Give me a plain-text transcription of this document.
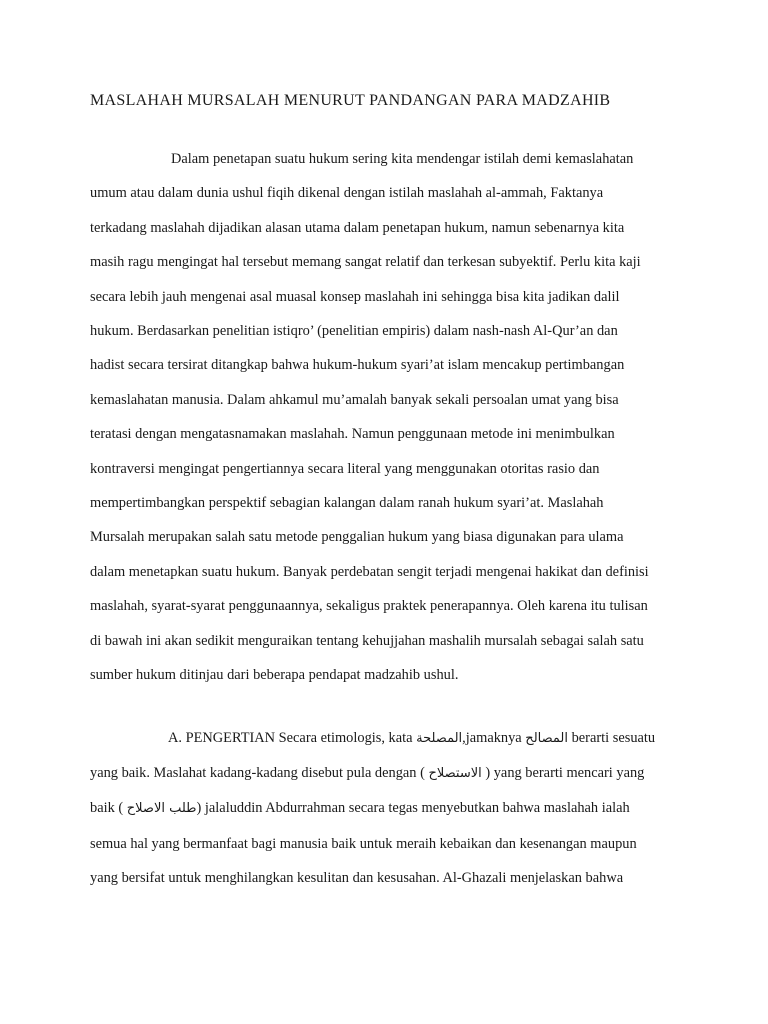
MASLAHAH MURSALAH MENURUT PANDANGAN PARA MADZAHIB
Dalam penetapan suatu hukum sering kita mendengar istilah demi kemaslahatan
umum atau dalam dunia ushul fiqih dikenal dengan istilah maslahah al-ammah, Faktanya
terkadang maslahah dijadikan alasan utama dalam penetapan hukum, namun sebenarnya kita
masih ragu mengingat hal tersebut memang sangat relatif dan terkesan subyektif. Perlu kita kaji
secara lebih jauh mengenai asal muasal konsep maslahah ini sehingga bisa kita jadikan dalil
hukum. Berdasarkan penelitian istiqro’ (penelitian empiris) dalam nash-nash Al-Qur’an dan
hadist secara tersirat ditangkap bahwa hukum-hukum syari’at islam mencakup pertimbangan
kemaslahatan manusia. Dalam ahkamul mu’amalah banyak sekali persoalan umat yang bisa
teratasi dengan mengatasnamakan maslahah. Namun penggunaan metode ini menimbulkan
kontraversi mengingat pengertiannya secara literal yang menggunakan otoritas rasio dan
mempertimbangkan perspektif sebagian kalangan dalam ranah hukum syari’at. Maslahah
Mursalah merupakan salah satu metode penggalian hukum yang biasa digunakan para ulama
dalam menetapkan suatu hukum. Banyak perdebatan sengit terjadi mengenai hakikat dan definisi
maslahah, syarat-syarat penggunaannya, sekaligus praktek penerapannya. Oleh karena itu tulisan
di bawah ini akan sedikit menguraikan tentang kehujjahan mashalih mursalah sebagai salah satu
sumber hukum ditinjau dari beberapa pendapat madzahib ushul.
A. PENGERTIAN Secara etimologis, kata المصلحة,jamaknya المصالح berarti sesuatu
yang baik. Maslahat kadang-kadang disebut pula dengan ( الاستصلاح ) yang berarti mencari yang
baik ( طلب الاصلاح) jalaluddin Abdurrahman secara tegas menyebutkan bahwa maslahah ialah
semua hal yang bermanfaat bagi manusia baik untuk meraih kebaikan dan kesenangan maupun
yang bersifat untuk menghilangkan kesulitan dan kesusahan. Al-Ghazali menjelaskan bahwa
